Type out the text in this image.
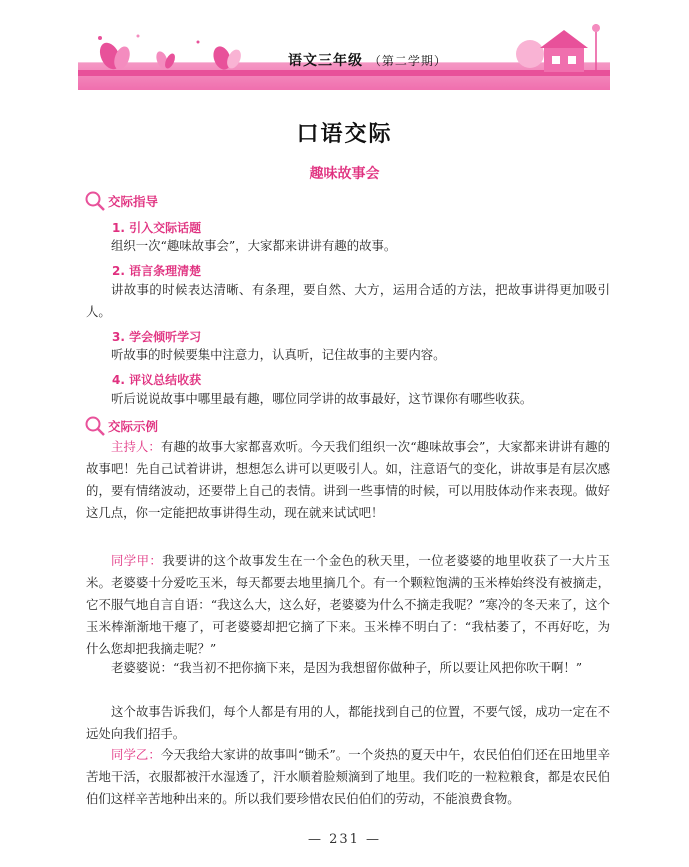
语文三年级 （第二学期）
口语交际
趣味故事会
交际指导
1. 引入交际话题
组织一次“趣味故事会”，大家都来讲讲有趣的故事。
2. 语言条理清楚
讲故事的时候表达清晰、有条理，要自然、大方，运用合适的方法，把故事讲得更加吸引人。
3. 学会倾听学习
听故事的时候要集中注意力，认真听，记住故事的主要内容。
4. 评议总结收获
听后说说故事中哪里最有趣，哪位同学讲的故事最好，这节课你有哪些收获。
交际示例
主持人：有趣的故事大家都喜欢听。今天我们组织一次“趣味故事会”，大家都来讲讲有趣的故事吧！先自己试着讲讲，想想怎么讲可以更吸引人。如，注意语气的变化，讲故事是有层次感的，要有情绪波动，还要带上自己的表情。讲到一些事情的时候，可以用肢体动作来表现。做好这几点，你一定能把故事讲得生动，现在就来试试吧！
同学甲：我要讲的这个故事发生在一个金色的秋天里，一位老婆婆的地里收获了一大片玉米。老婆婆十分爱吃玉米，每天都要去地里摘几个。有一个颗粒饱满的玉米棒始终没有被摘走，它不服气地自言自语：“我这么大，这么好，老婆婆为什么不摘走我呢？”寒冷的冬天来了，这个玉米棒渐渐地干瘪了，可老婆婆却把它摘了下来。玉米棒不明白了：“我枯萎了，不再好吃，为什么您却把我摘走呢？”
老婆婆说：“我当初不把你摘下来，是因为我想留你做种子，所以要让风把你吹干啊！”
这个故事告诉我们，每个人都是有用的人，都能找到自己的位置，不要气馁，成功一定在不远处向我们招手。
同学乙：今天我给大家讲的故事叫“锄禾”。一个炎热的夏天中午，农民伯伯们还在田地里辛苦地干活，衣服都被汗水湿透了，汗水顺着脸颊滴到了地里。我们吃的一粒粒粮食，都是农民伯伯们这样辛苦地种出来的。所以我们要珍惜农民伯伯们的劳动，不能浪费食物。
— 231 —
